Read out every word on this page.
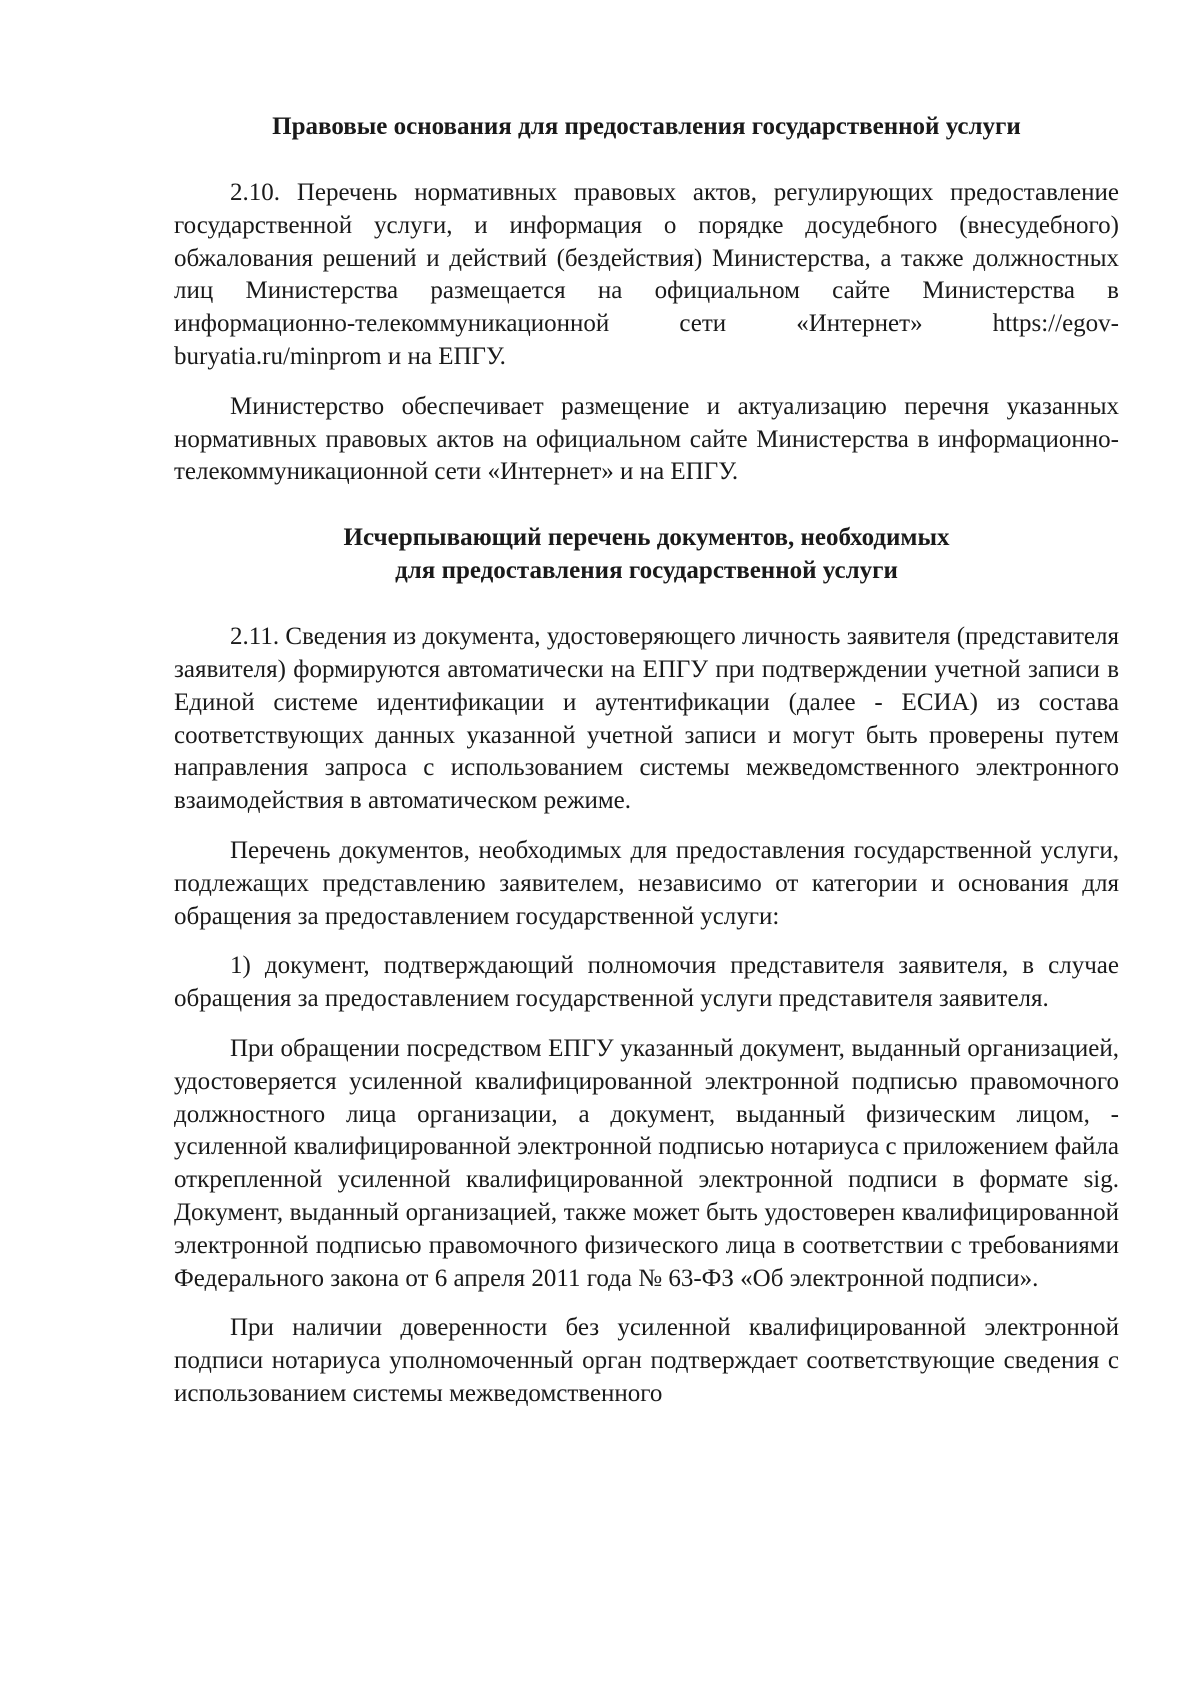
Правовые основания для предоставления государственной услуги

2.10. Перечень нормативных правовых актов, регулирующих предоставление государственной услуги, и информация о порядке досудебного (внесудебного) обжалования решений и действий (бездействия) Министерства, а также должностных лиц Министерства размещается на официальном сайте Министерства в информационно-телекоммуникационной сети «Интернет» https://egov-buryatia.ru/minprom и на ЕПГУ.

Министерство обеспечивает размещение и актуализацию перечня указанных нормативных правовых актов на официальном сайте Министерства в информационно-телекоммуникационной сети «Интернет» и на ЕПГУ.

Исчерпывающий перечень документов, необходимых
для предоставления государственной услуги

2.11. Сведения из документа, удостоверяющего личность заявителя (представителя заявителя) формируются автоматически на ЕПГУ при подтверждении учетной записи в Единой системе идентификации и аутентификации (далее - ЕСИА) из состава соответствующих данных указанной учетной записи и могут быть проверены путем направления запроса с использованием системы межведомственного электронного взаимодействия в автоматическом режиме.

Перечень документов, необходимых для предоставления государственной услуги, подлежащих представлению заявителем, независимо от категории и основания для обращения за предоставлением государственной услуги:

1) документ, подтверждающий полномочия представителя заявителя, в случае обращения за предоставлением государственной услуги представителя заявителя.

При обращении посредством ЕПГУ указанный документ, выданный организацией, удостоверяется усиленной квалифицированной электронной подписью правомочного должностного лица организации, а документ, выданный физическим лицом, - усиленной квалифицированной электронной подписью нотариуса с приложением файла открепленной усиленной квалифицированной электронной подписи в формате sig. Документ, выданный организацией, также может быть удостоверен квалифицированной электронной подписью правомочного физического лица в соответствии с требованиями Федерального закона от 6 апреля 2011 года № 63-ФЗ «Об электронной подписи».

При наличии доверенности без усиленной квалифицированной электронной подписи нотариуса уполномоченный орган подтверждает соответствующие сведения с использованием системы межведомственного
